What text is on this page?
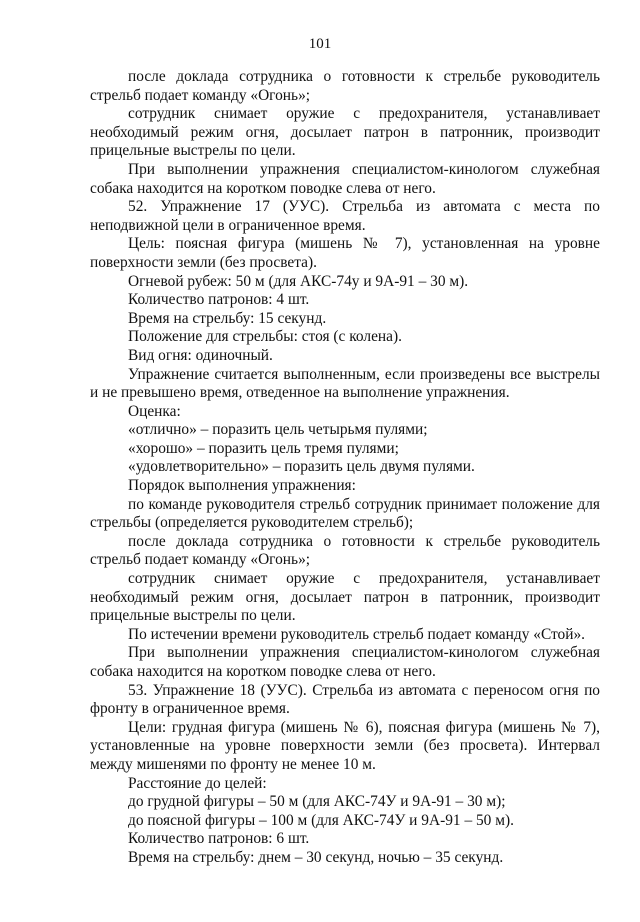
101

после доклада сотрудника о готовности к стрельбе руководитель стрельб подает команду «Огонь»;

сотрудник снимает оружие с предохранителя, устанавливает необходимый режим огня, досылает патрон в патронник, производит прицельные выстрелы по цели.

При выполнении упражнения специалистом-кинологом служебная собака находится на коротком поводке слева от него.

52. Упражнение 17 (УУС). Стрельба из автомата с места по неподвижной цели в ограниченное время.

Цель: поясная фигура (мишень № 7), установленная на уровне поверхности земли (без просвета).

Огневой рубеж: 50 м (для АКС-74у и 9А-91 – 30 м).

Количество патронов: 4 шт.

Время на стрельбу: 15 секунд.

Положение для стрельбы: стоя (с колена).

Вид огня: одиночный.

Упражнение считается выполненным, если произведены все выстрелы и не превышено время, отведенное на выполнение упражнения.

Оценка:

«отлично» – поразить цель четырьмя пулями;

«хорошо» – поразить цель тремя пулями;

«удовлетворительно» – поразить цель двумя пулями.

Порядок выполнения упражнения:

по команде руководителя стрельб сотрудник принимает положение для стрельбы (определяется руководителем стрельб);

после доклада сотрудника о готовности к стрельбе руководитель стрельб подает команду «Огонь»;

сотрудник снимает оружие с предохранителя, устанавливает необходимый режим огня, досылает патрон в патронник, производит прицельные выстрелы по цели.

По истечении времени руководитель стрельб подает команду «Стой».

При выполнении упражнения специалистом-кинологом служебная собака находится на коротком поводке слева от него.

53. Упражнение 18 (УУС). Стрельба из автомата с переносом огня по фронту в ограниченное время.

Цели: грудная фигура (мишень № 6), поясная фигура (мишень № 7), установленные на уровне поверхности земли (без просвета). Интервал между мишенями по фронту не менее 10 м.

Расстояние до целей:

до грудной фигуры – 50 м (для АКС-74У и 9А-91 – 30 м);

до поясной фигуры – 100 м (для АКС-74У и 9А-91 – 50 м).

Количество патронов: 6 шт.

Время на стрельбу: днем – 30 секунд, ночью – 35 секунд.
